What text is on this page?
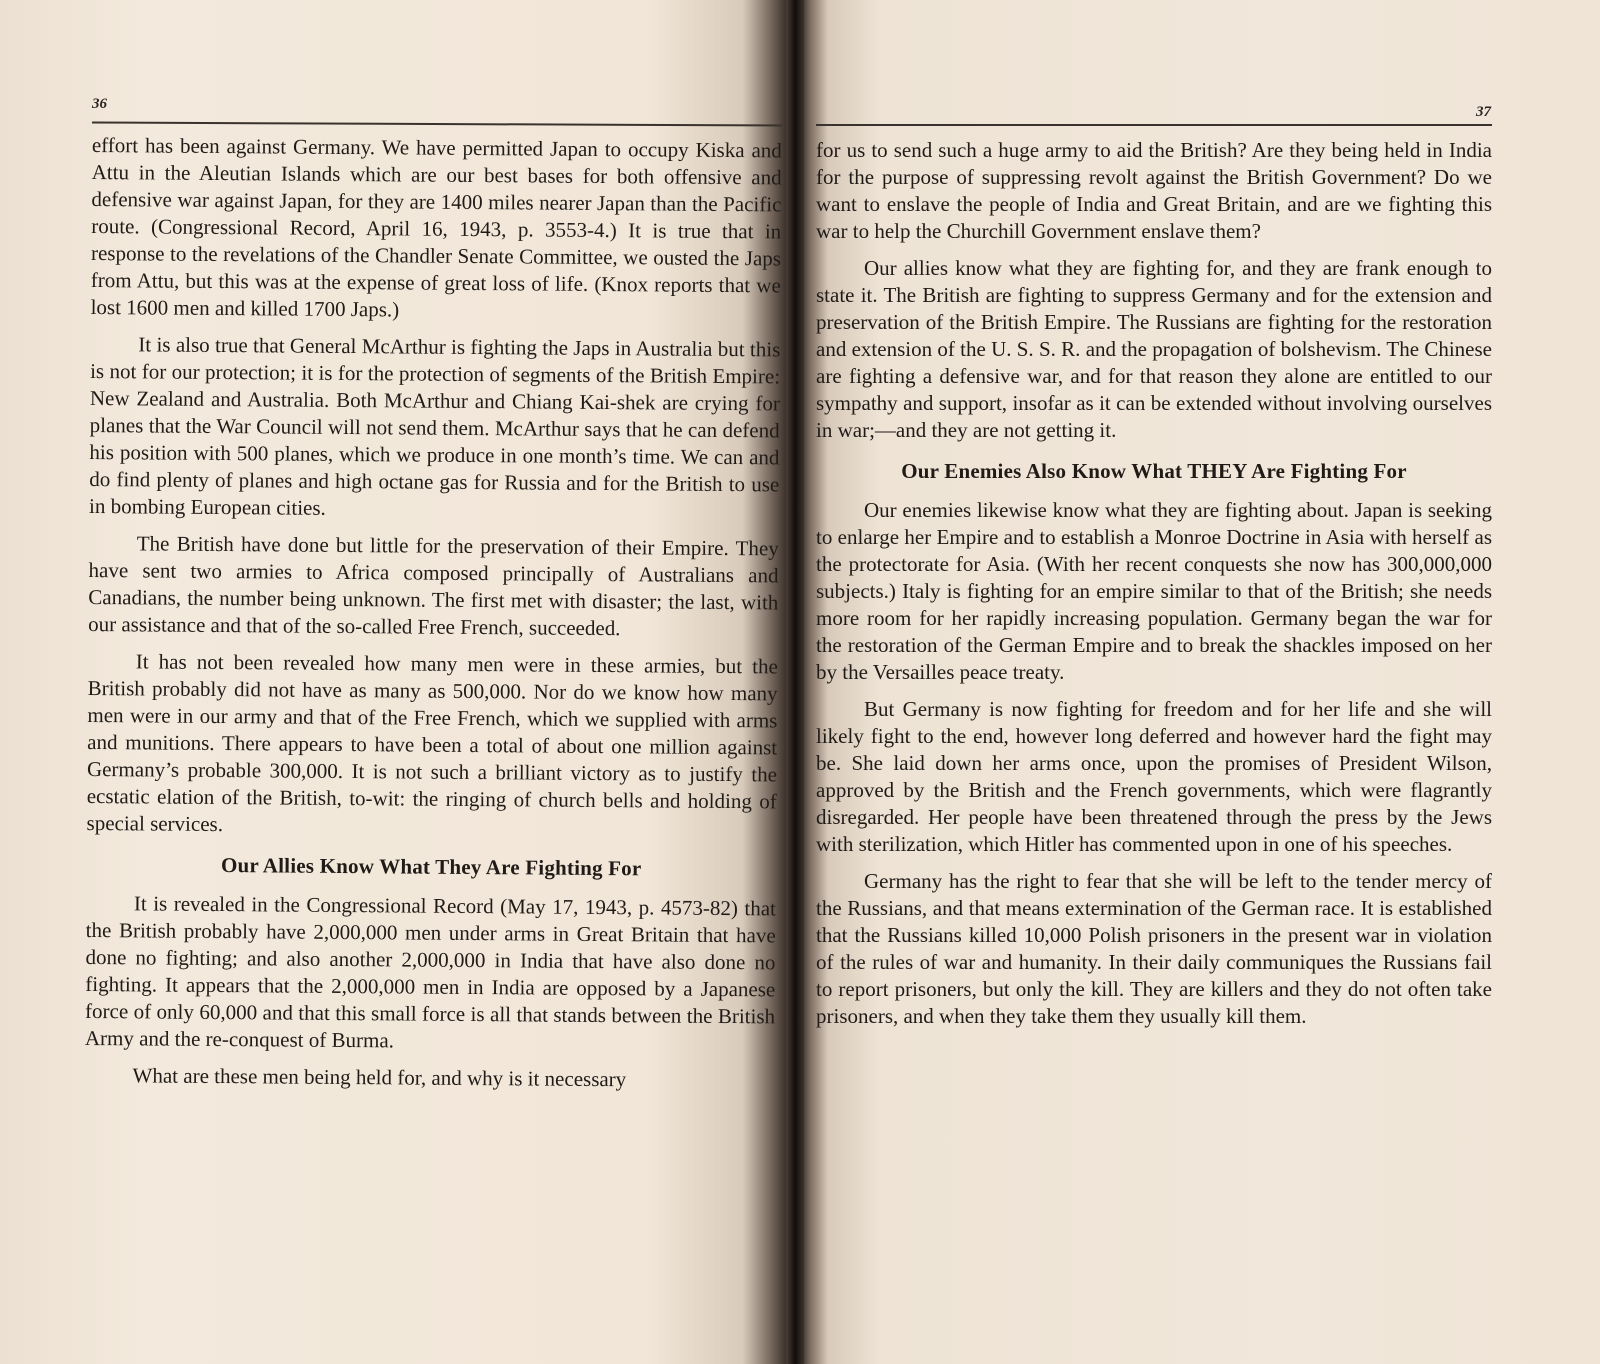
36

effort has been against Germany. We have permitted Japan to occupy Kiska and Attu in the Aleutian Islands which are our best bases for both offensive and defensive war against Japan, for they are 1400 miles nearer Japan than the Pacific route. (Congressional Record, April 16, 1943, p. 3553-4.) It is true that in response to the revelations of the Chandler Senate Committee, we ousted the Japs from Attu, but this was at the expense of great loss of life. (Knox reports that we lost 1600 men and killed 1700 Japs.)

It is also true that General McArthur is fighting the Japs in Australia but this is not for our protection; it is for the protection of segments of the British Empire: New Zealand and Australia. Both McArthur and Chiang Kai-shek are crying for planes that the War Council will not send them. McArthur says that he can defend his position with 500 planes, which we produce in one month’s time. We can and do find plenty of planes and high octane gas for Russia and for the British to use in bombing European cities.

The British have done but little for the preservation of their Empire. They have sent two armies to Africa composed principally of Australians and Canadians, the number being unknown. The first met with disaster; the last, with our assistance and that of the so-called Free French, succeeded.

It has not been revealed how many men were in these armies, but the British probably did not have as many as 500,000. Nor do we know how many men were in our army and that of the Free French, which we supplied with arms and munitions. There appears to have been a total of about one million against Germany’s probable 300,000. It is not such a brilliant victory as to justify the ecstatic elation of the British, to-wit: the ringing of church bells and holding of special services.

Our Allies Know What They Are Fighting For

It is revealed in the Congressional Record (May 17, 1943, p. 4573-82) that the British probably have 2,000,000 men under arms in Great Britain that have done no fighting; and also another 2,000,000 in India that have also done no fighting. It appears that the 2,000,000 men in India are opposed by a Japanese force of only 60,000 and that this small force is all that stands between the British Army and the re-conquest of Burma.

What are these men being held for, and why is it necessary

37

for us to send such a huge army to aid the British? Are they being held in India for the purpose of suppressing revolt against the British Government? Do we want to enslave the people of India and Great Britain, and are we fighting this war to help the Churchill Government enslave them?

Our allies know what they are fighting for, and they are frank enough to state it. The British are fighting to suppress Germany and for the extension and preservation of the British Empire. The Russians are fighting for the restoration and extension of the U. S. S. R. and the propagation of bolshevism. The Chinese are fighting a defensive war, and for that reason they alone are entitled to our sympathy and support, insofar as it can be extended without involving ourselves in war;—and they are not getting it.

Our Enemies Also Know What THEY Are Fighting For

Our enemies likewise know what they are fighting about. Japan is seeking to enlarge her Empire and to establish a Monroe Doctrine in Asia with herself as the protectorate for Asia. (With her recent conquests she now has 300,000,000 subjects.) Italy is fighting for an empire similar to that of the British; she needs more room for her rapidly increasing population. Germany began the war for the restoration of the German Empire and to break the shackles imposed on her by the Versailles peace treaty.

But Germany is now fighting for freedom and for her life and she will likely fight to the end, however long deferred and however hard the fight may be. She laid down her arms once, upon the promises of President Wilson, approved by the British and the French governments, which were flagrantly disregarded. Her people have been threatened through the press by the Jews with sterilization, which Hitler has commented upon in one of his speeches.

Germany has the right to fear that she will be left to the tender mercy of the Russians, and that means extermination of the German race. It is established that the Russians killed 10,000 Polish prisoners in the present war in violation of the rules of war and humanity. In their daily communiques the Russians fail to report prisoners, but only the kill. They are killers and they do not often take prisoners, and when they take them they usually kill them.
